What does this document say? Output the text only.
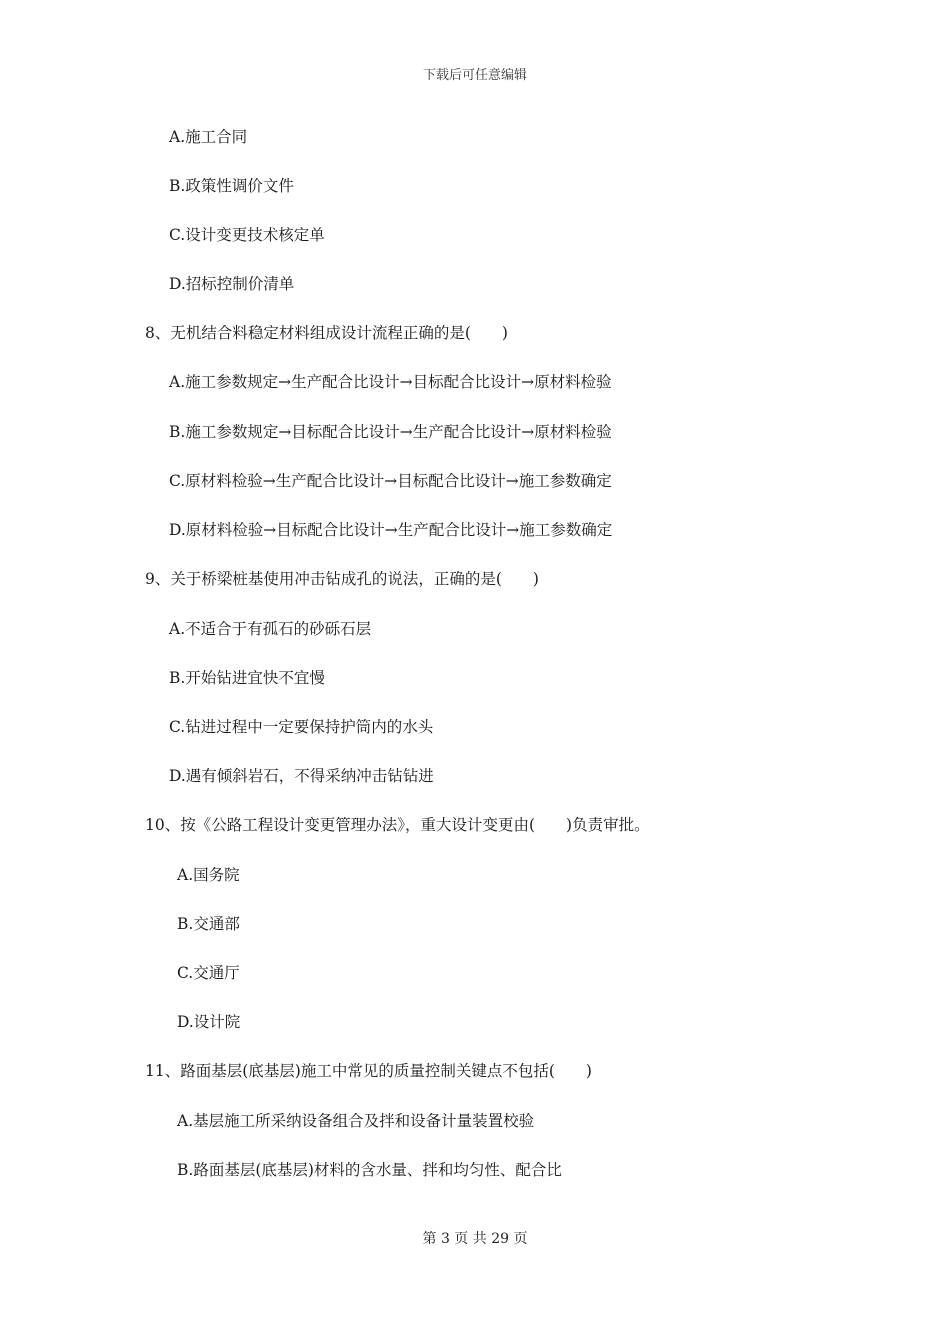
下载后可任意编辑
A.施工合同
B.政策性调价文件
C.设计变更技术核定单
D.招标控制价清单
8、无机结合料稳定材料组成设计流程正确的是(　　)
A.施工参数规定→生产配合比设计→目标配合比设计→原材料检验
B.施工参数规定→目标配合比设计→生产配合比设计→原材料检验
C.原材料检验→生产配合比设计→目标配合比设计→施工参数确定
D.原材料检验→目标配合比设计→生产配合比设计→施工参数确定
9、关于桥梁桩基使用冲击钻成孔的说法，正确的是(　　)
A.不适合于有孤石的砂砾石层
B.开始钻进宜快不宜慢
C.钻进过程中一定要保持护筒内的水头
D.遇有倾斜岩石，不得采纳冲击钻钻进
10、按《公路工程设计变更管理办法》，重大设计变更由(　　)负责审批。
A.国务院
B.交通部
C.交通厅
D.设计院
11、路面基层(底基层)施工中常见的质量控制关键点不包括(　　)
A.基层施工所采纳设备组合及拌和设备计量装置校验
B.路面基层(底基层)材料的含水量、拌和均匀性、配合比
第 3 页 共 29 页
